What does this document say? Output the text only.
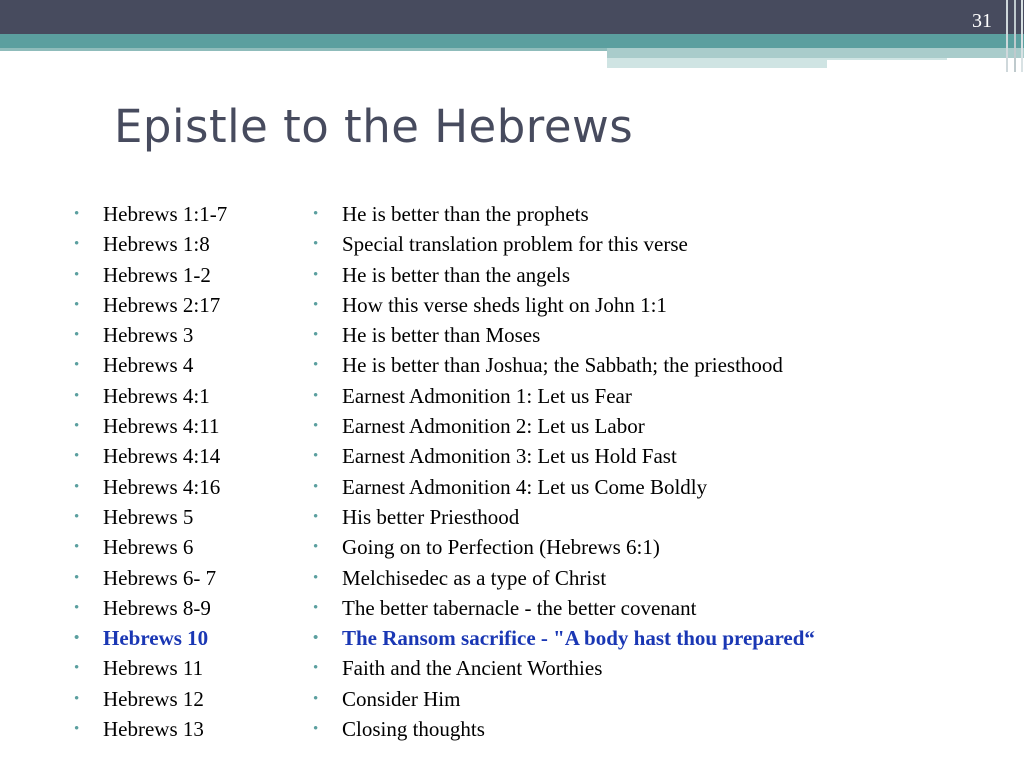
31
Epistle to the Hebrews
• Hebrews 1:1-7
• Hebrews 1:8
• Hebrews 1-2
• Hebrews 2:17
• Hebrews 3
• Hebrews 4
• Hebrews 4:1
• Hebrews 4:11
• Hebrews 4:14
• Hebrews 4:16
• Hebrews 5
• Hebrews 6
• Hebrews 6- 7
• Hebrews 8-9
• Hebrews 10
• Hebrews 11
• Hebrews 12
• Hebrews 13
• He is better than the prophets
• Special translation problem for this verse
• He is better than the angels
• How this verse sheds light on John 1:1
• He is better than Moses
• He is better than Joshua; the Sabbath; the priesthood
• Earnest Admonition 1: Let us Fear
• Earnest Admonition 2: Let us Labor
• Earnest Admonition 3: Let us Hold Fast
• Earnest Admonition 4: Let us Come Boldly
• His better Priesthood
• Going on to Perfection (Hebrews 6:1)
• Melchisedec as a type of Christ
• The better tabernacle - the better covenant
• The Ransom sacrifice - "A body hast thou prepared“
• Faith and the Ancient Worthies
• Consider Him
• Closing thoughts
